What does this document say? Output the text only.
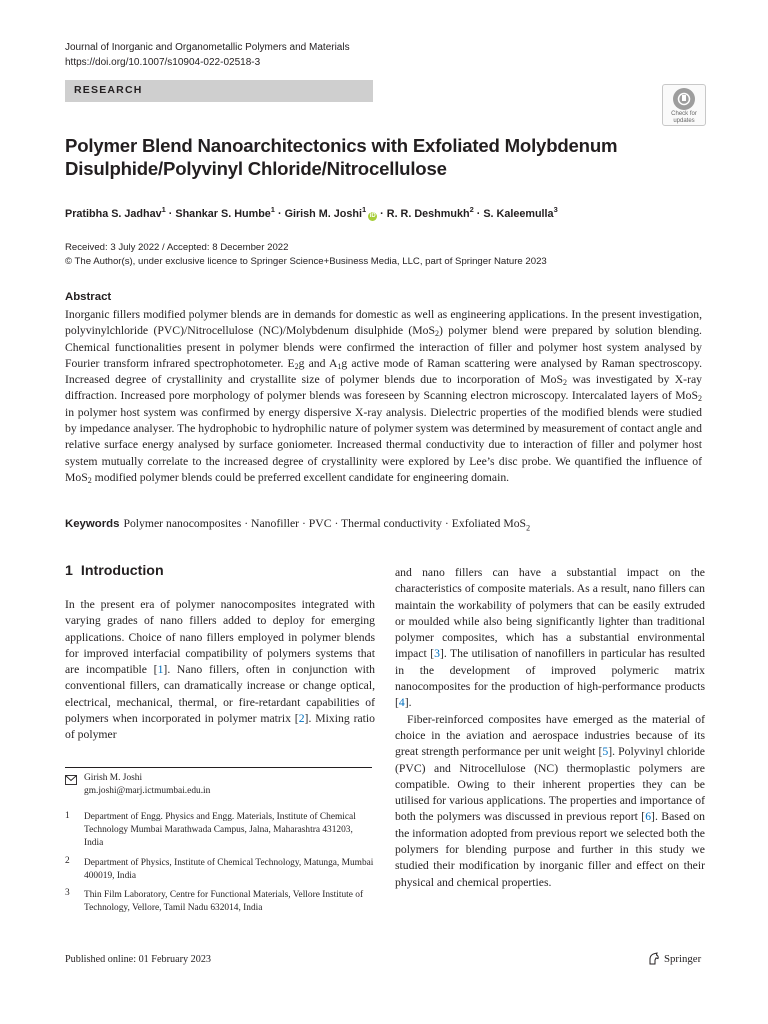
Journal of Inorganic and Organometallic Polymers and Materials
https://doi.org/10.1007/s10904-022-02518-3
RESEARCH
Check for
updates
Polymer Blend Nanoarchitectonics with Exfoliated Molybdenum
Disulphide/Polyvinyl Chloride/Nitrocellulose
Pratibha S. Jadhav$^1$ · Shankar S. Humbe$^1$ · Girish M. Joshi$^1$iD · R. R. Deshmukh$^2$ · S. Kaleemulla$^3$
Received: 3 July 2022 / Accepted: 8 December 2022
© The Author(s), under exclusive licence to Springer Science+Business Media, LLC, part of Springer Nature 2023
Abstract
Inorganic fillers modified polymer blends are in demands for domestic as well as engineering applications. In the present investigation, polyvinylchloride (PVC)/Nitrocellulose (NC)/Molybdenum disulphide (MoS$_2$) polymer blend were prepared by solution blending. Chemical functionalities present in polymer blends were confirmed the interaction of filler and polymer host system analysed by Fourier transform infrared spectrophotometer. $E_2g$ and $A_1g$ active mode of Raman scattering were analysed by Raman spectroscopy. Increased degree of crystallinity and crystallite size of polymer blends due to incorporation of MoS$_2$ was investigated by X-ray diffraction. Increased pore morphology of polymer blends was foreseen by Scanning electron microscopy. Intercalated layers of MoS$_2$ in polymer host system was confirmed by energy dispersive X-ray analysis. Dielectric properties of the modified blends were studied by impedance analyser. The hydrophobic to hydrophilic nature of polymer system was determined by measurement of contact angle and relative surface energy analysed by surface goniometer. Increased thermal conductivity due to interaction of filler and polymer host system mutually correlate to the increased degree of crystallinity were explored by Lee’s disc probe. We quantified the influence of MoS$_2$ modified polymer blends could be preferred excellent candidate for engineering domain.
Keywords Polymer nanocomposites · Nanofiller · PVC · Thermal conductivity · Exfoliated MoS$_2$
1 Introduction

In the present era of polymer nanocomposites integrated with varying grades of nano fillers added to deploy for emerging applications. Choice of nano fillers employed in polymer blends for improved interfacial compatibility of polymers systems that are incompatible [1]. Nano fillers, often in conjunction with conventional fillers, can dramatically increase or change optical, electrical, mechanical, thermal, or fire-retardant capabilities of polymers when incorporated in polymer matrix [2]. Mixing ratio of polymer

and nano fillers can have a substantial impact on the characteristics of composite materials. As a result, nano fillers can maintain the workability of polymers that can be easily extruded or moulded while also being significantly lighter than traditional polymer composites, which has a substantial environmental impact [3]. The utilisation of nanofillers in particular has resulted in the development of improved polymeric matrix nanocomposites for the production of high-performance products [4].

Fiber-reinforced composites have emerged as the material of choice in the aviation and aerospace industries because of its great strength performance per unit weight [5]. Polyvinyl chloride (PVC) and Nitrocellulose (NC) thermoplastic polymers are compatible. Owing to their inherent properties they can be utilised for various applications. The properties and importance of both the polymers was discussed in previous report [6]. Based on the information adopted from previous report we selected both the polymers for blending purpose and further in this study we studied their modification by inorganic filler and effect on their physical and chemical properties.

Girish M. Joshi
gm.joshi@marj.ictmumbai.edu.in
1 Department of Engg. Physics and Engg. Materials, Institute of Chemical Technology Mumbai Marathwada Campus, Jalna, Maharashtra 431203, India
2 Department of Physics, Institute of Chemical Technology, Matunga, Mumbai 400019, India
3 Thin Film Laboratory, Centre for Functional Materials, Vellore Institute of Technology, Vellore, Tamil Nadu 632014, India
Published online: 01 February 2023	Springer
